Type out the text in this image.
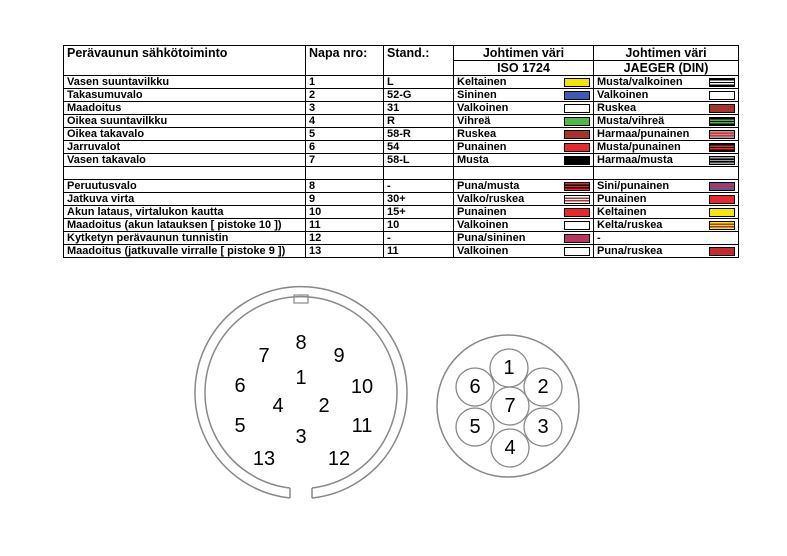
Perävaunun sähkötoiminto	Napa nro:	Stand.:	Johtimen väri	Johtimen väri
			ISO 1724	JAEGER (DIN)
Vasen suuntavilkku	1	L	Keltainen	Musta/valkoinen

Takasumuvalo	2	52-G	Sininen	Valkoinen

Maadoitus	3	31	Valkoinen	Ruskea

Oikea suuntavilkku	4	R	Vihreä	Musta/vihreä

Oikea takavalo	5	58-R	Ruskea	Harmaa/punainen

Jarruvalot	6	54	Punainen	Musta/punainen

Vasen takavalo	7	58-L	Musta	Harmaa/musta

Peruutusvalo	8	-	Puna/musta	Sini/punainen

Jatkuva virta	9	30+	Valko/ruskea	Punainen

Akun lataus, virtalukon kautta	10	15+	Punainen	Keltainen

Maadoitus (akun latauksen [ pistoke 10 ])	11	10	Valkoinen	Kelta/ruskea

Kytketyn perävaunun tunnistin	12	-	Puna/sininen	-

Maadoitus (jatkuvalle virralle [ pistoke 9 ])	13	11	Valkoinen	Puna/ruskea
1
2
3
4
5
6
7
8
9
10
11
12
13
1
2
3
4
5
6
7
